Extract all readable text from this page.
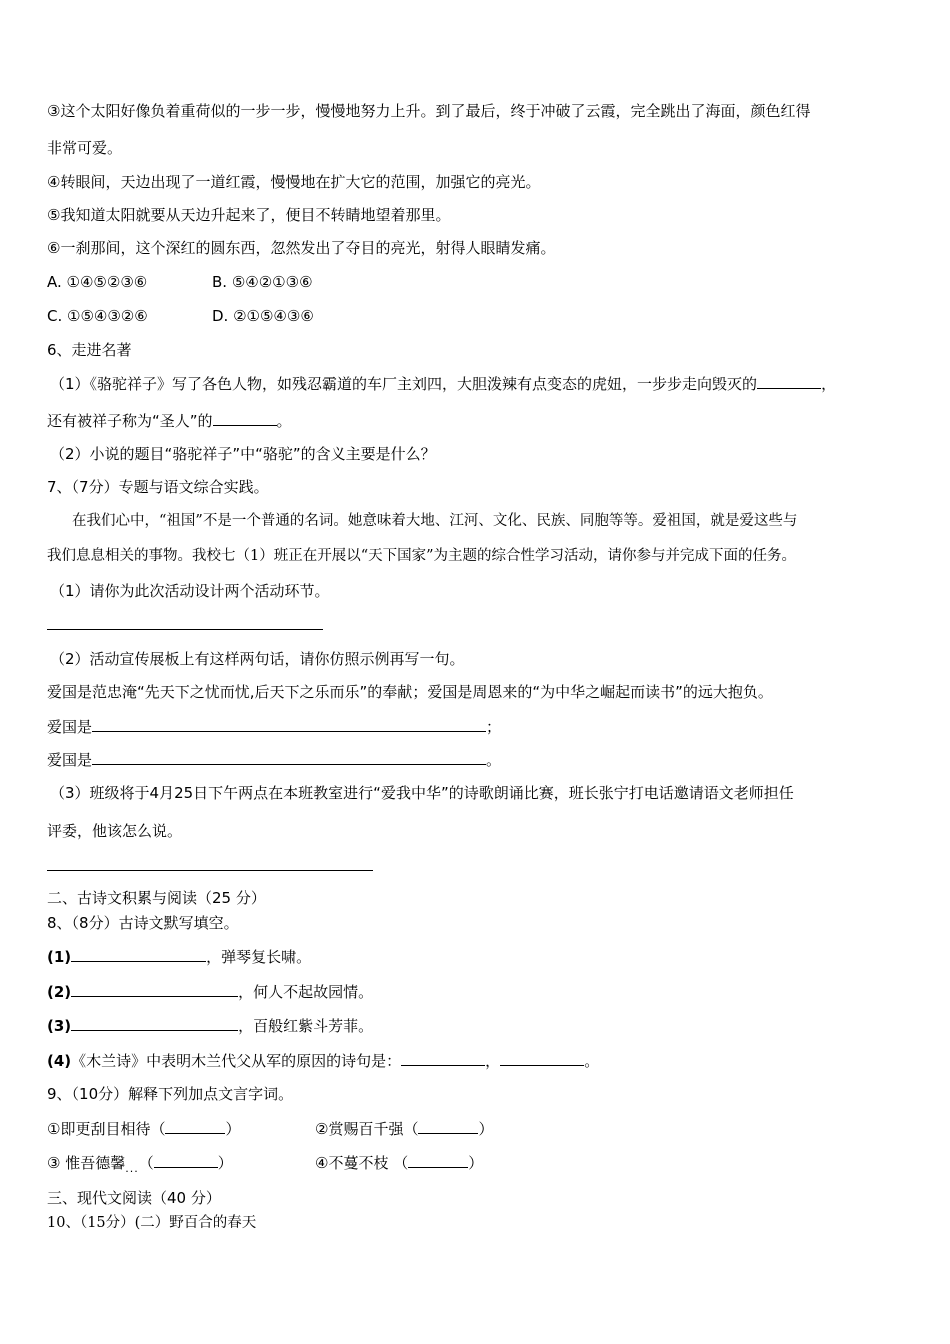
③这个太阳好像负着重荷似的一步一步，慢慢地努力上升。到了最后，终于冲破了云霞，完全跳出了海面，颜色红得
非常可爱。
④转眼间，天边出现了一道红霞，慢慢地在扩大它的范围，加强它的亮光。
⑤我知道太阳就要从天边升起来了，便目不转睛地望着那里。
⑥一刹那间，这个深红的圆东西，忽然发出了夺目的亮光，射得人眼睛发痛。
A. ①④⑤②③⑥	B. ⑤④②①③⑥
C. ①⑤④③②⑥	D. ②①⑤④③⑥
6、走进名著
（1）《骆驼祥子》写了各色人物，如残忍霸道的车厂主刘四，大胆泼辣有点变态的虎妞，一步步走向毁灭的	，
还有被祥子称为“圣人”的	。
（2）小说的题目“骆驼祥子”中“骆驼”的含义主要是什么？
7、（7分）专题与语文综合实践。
在我们心中，“祖国”不是一个普通的名词。她意味着大地、江河、文化、民族、同胞等等。爱祖国，就是爱这些与
我们息息相关的事物。我校七（1）班正在开展以“天下国家”为主题的综合性学习活动，请你参与并完成下面的任务。
（1）请你为此次活动设计两个活动环节。
（2）活动宣传展板上有这样两句话，请你仿照示例再写一句。
爱国是范忠淹“先天下之忧而忧,后天下之乐而乐”的奉献；爱国是周恩来的“为中华之崛起而读书”的远大抱负。
爱国是	；
爱国是	。
（3）班级将于4月25日下午两点在本班教室进行“爱我中华”的诗歌朗诵比赛，班长张宁打电话邀请语文老师担任
评委，他该怎么说。
二、古诗文积累与阅读（25 分）
8、（8分）古诗文默写填空。
(1)	，弹琴复长啸。
(2)	，何人不起故园情。
(3)	，百般红紫斗芳菲。
(4)《木兰诗》中表明木兰代父从军的原因的诗句是：	，	。
9、（10分）解释下列加点文言字词。
①即更刮目相待（	）	②赏赐百千强（	）
③ 惟吾德馨$_{...}$（	）	④不蔓不枝 （	）
三、现代文阅读（40 分）
10、（15分）(二）野百合的春天
